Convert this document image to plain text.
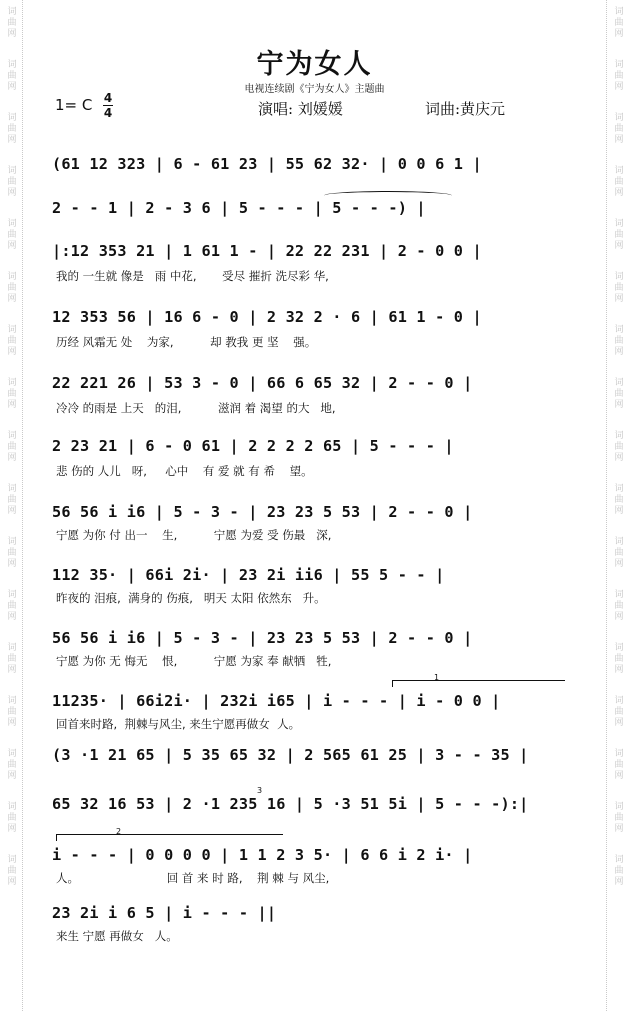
词曲网
词曲网
词曲网
词曲网
词曲网
词曲网
词曲网
词曲网
词曲网
词曲网
词曲网
词曲网
词曲网
词曲网
词曲网
词曲网
词曲网
词曲网
词曲网
词曲网
词曲网
词曲网
词曲网
词曲网
词曲网
词曲网
词曲网
词曲网
词曲网
词曲网
词曲网
词曲网
词曲网
词曲网
宁为女人
电视连续剧《宁为女人》主题曲
1= C 4
4	演唱: 刘媛媛	词曲:黄庆元
(61 12 323 | 6 - 61 23 | 55 62 32· | 0 0 6 1 |
2 - - 1 | 2 - 3 6 | 5 - - - | 5 - - -) |
|:12 353 21 | 1 61 1 - | 22 22 231 | 2 - 0 0 |
我的 一生就 像是   雨 中花,       受尽 摧折 洗尽彩 华,
12 353 56 | 16 6 - 0 | 2 32 2 · 6 | 61 1 - 0 |
历经 风霜无 处    为家,          却 教我 更 坚    强。
22 221 26 | 53 3 - 0 | 66 6 65 32 | 2 - - 0 |
冷冷 的雨是 上天   的泪,          滋润 着 渴望 的大   地,
2 23 21 | 6 - 0 61 | 2 2 2 2 65 | 5 - - - |
悲 伤的 人儿   呀,     心中    有 爱 就 有 希    望。
56 56 i i6 | 5 - 3 - | 23 23 5 53 | 2 - - 0 |
宁愿 为你 付 出一    生,          宁愿 为爱 受 伤最   深,
112 35· | 66i 2i· | 23 2i ii6 | 55 5 - - |
昨夜的 泪痕,  满身的 伤痕,   明天 太阳 依然东   升。
56 56 i i6 | 5 - 3 - | 23 23 5 53 | 2 - - 0 |
宁愿 为你 无 悔无    恨,          宁愿 为家 奉 献牺   牲,
1
11235· | 66i2i· | 232i i65 | i - - - | i - 0 0 |
回首来时路,  荆棘与风尘, 来生宁愿再做女  人。
(3 ·1 21 65 | 5 35 65 32 | 2 565 61 25 | 3 - - 35 |
3
65 32 16 53 | 2 ·1 235 16 | 5 ·3 51 5i | 5 - - -):|
2
i - - - | 0 0 0 0 | 1 1 2 3 5· | 6 6 i 2 i· |
人。                        回 首 来 时 路,    荆 棘 与 风尘,
23 2i i 6 5 | i - - - ||
来生 宁愿 再做女   人。
